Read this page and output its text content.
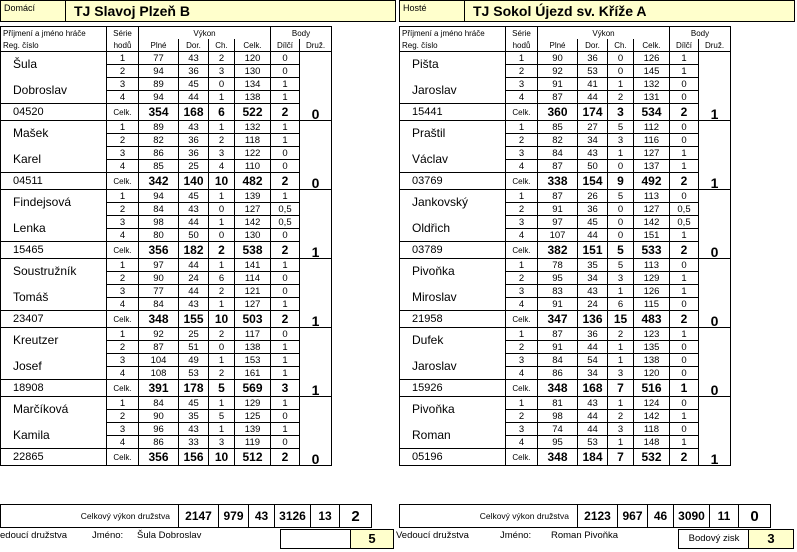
Domácí	TJ Slavoj Plzeň B
Příjmení a jméno hráče	Série	Výkon				Body	
Reg. číslo	hodů	Plné	Dor.	Ch.	Celk.	Dílčí	Druž.
Šula	1	77	43	2	120	0	0
	2	94	36	3	130	0	
Dobroslav	3	89	45	0	134	1	
	4	94	44	1	138	1	
04520	Celk.	354	168	6	522	2	
Mašek	1	89	43	1	132	1	0
	2	82	36	2	118	1	
Karel	3	86	36	3	122	0	
	4	85	25	4	110	0	
04511	Celk.	342	140	10	482	2	
Findejsová	1	94	45	1	139	1	1
	2	84	43	0	127	0,5	
Lenka	3	98	44	1	142	0,5	
	4	80	50	0	130	0	
15465	Celk.	356	182	2	538	2	
Soustružník	1	97	44	1	141	1	1
	2	90	24	6	114	0	
Tomáš	3	77	44	2	121	0	
	4	84	43	1	127	1	
23407	Celk.	348	155	10	503	2	
Kreutzer	1	92	25	2	117	0	1
	2	87	51	0	138	1	
Josef	3	104	49	1	153	1	
	4	108	53	2	161	1	
18908	Celk.	391	178	5	569	3	
Marčíková	1	84	45	1	129	1	0
	2	90	35	5	125	0	
Kamila	3	96	43	1	139	1	
	4	86	33	3	119	0	
22865	Celk.	356	156	10	512	2	
Hosté	TJ Sokol Újezd sv. Kříže A
Příjmení a jméno hráče	Série	Výkon				Body	
Reg. číslo	hodů	Plné	Dor.	Ch.	Celk.	Dílčí	Druž.
Pišta	1	90	36	0	126	1	1
	2	92	53	0	145	1	
Jaroslav	3	91	41	1	132	0	
	4	87	44	2	131	0	
15441	Celk.	360	174	3	534	2	
Praštil	1	85	27	5	112	0	1
	2	82	34	3	116	0	
Václav	3	84	43	1	127	1	
	4	87	50	0	137	1	
03769	Celk.	338	154	9	492	2	
Jankovský	1	87	26	5	113	0	0
	2	91	36	0	127	0,5	
Oldřich	3	97	45	0	142	0,5	
	4	107	44	0	151	1	
03789	Celk.	382	151	5	533	2	
Pivoňka	1	78	35	5	113	0	0
	2	95	34	3	129	1	
Miroslav	3	83	43	1	126	1	
	4	91	24	6	115	0	
21958	Celk.	347	136	15	483	2	
Dufek	1	87	36	2	123	1	0
	2	91	44	1	135	0	
Jaroslav	3	84	54	1	138	0	
	4	86	34	3	120	0	
15926	Celk.	348	168	7	516	1	
Pivoňka	1	81	43	1	124	0	1
	2	98	44	2	142	1	
Roman	3	74	44	3	118	0	
	4	95	53	1	148	1	
05196	Celk.	348	184	7	532	2	
Celkový výkon družstva	2147	979	43	3126	13	2	Celkový výkon družstva	2123	967	46	3090	11	0
edoucí družstva	Jméno: Šula Dobroslav	5	Vedoucí družstva	Jméno: Roman Pivoňka	Bodový zisk	3
